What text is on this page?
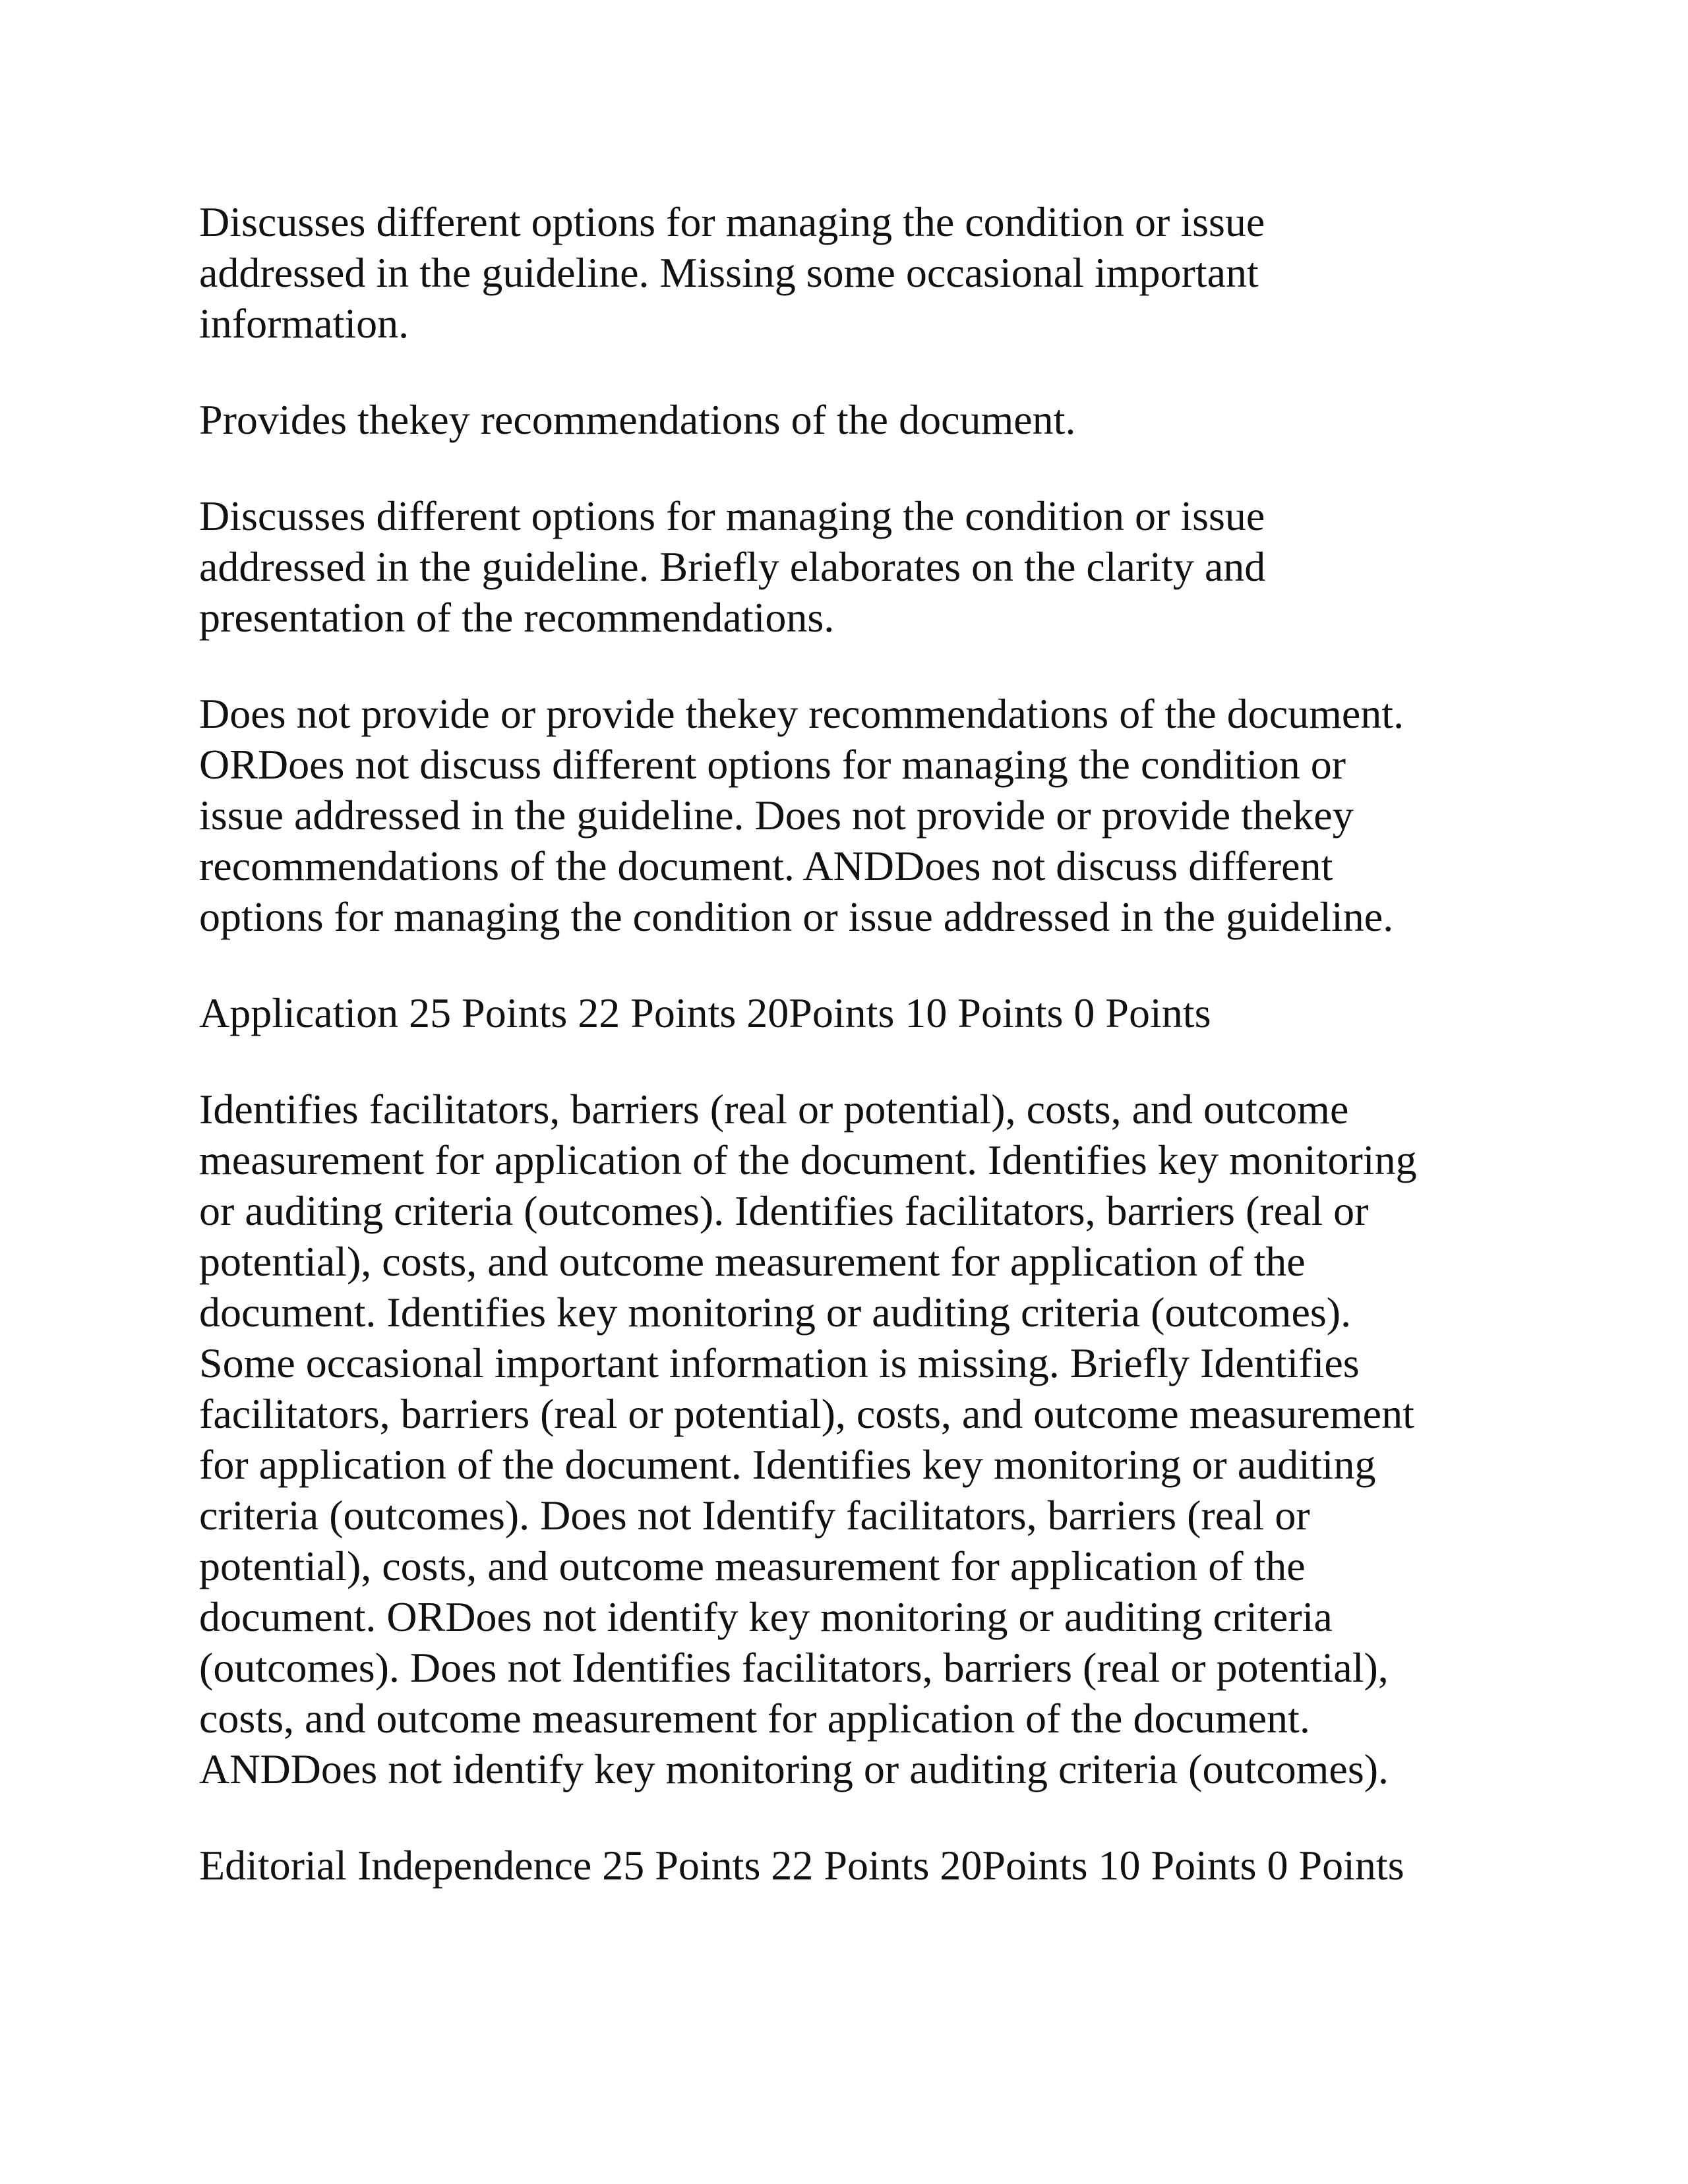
Discusses different options for managing the condition or issue
addressed in the guideline. Missing some occasional important
information.

Provides thekey recommendations of the document.

Discusses different options for managing the condition or issue
addressed in the guideline. Briefly elaborates on the clarity and
presentation of the recommendations.

Does not provide or provide thekey recommendations of the document.
ORDoes not discuss different options for managing the condition or
issue addressed in the guideline. Does not provide or provide thekey
recommendations of the document. ANDDoes not discuss different
options for managing the condition or issue addressed in the guideline.

Application 25 Points 22 Points 20Points 10 Points 0 Points

Identifies facilitators, barriers (real or potential), costs, and outcome
measurement for application of the document. Identifies key monitoring
or auditing criteria (outcomes). Identifies facilitators, barriers (real or
potential), costs, and outcome measurement for application of the
document. Identifies key monitoring or auditing criteria (outcomes).
Some occasional important information is missing. Briefly Identifies
facilitators, barriers (real or potential), costs, and outcome measurement
for application of the document. Identifies key monitoring or auditing
criteria (outcomes). Does not Identify facilitators, barriers (real or
potential), costs, and outcome measurement for application of the
document. ORDoes not identify key monitoring or auditing criteria
(outcomes). Does not Identifies facilitators, barriers (real or potential),
costs, and outcome measurement for application of the document.
ANDDoes not identify key monitoring or auditing criteria (outcomes).

Editorial Independence 25 Points 22 Points 20Points 10 Points 0 Points
